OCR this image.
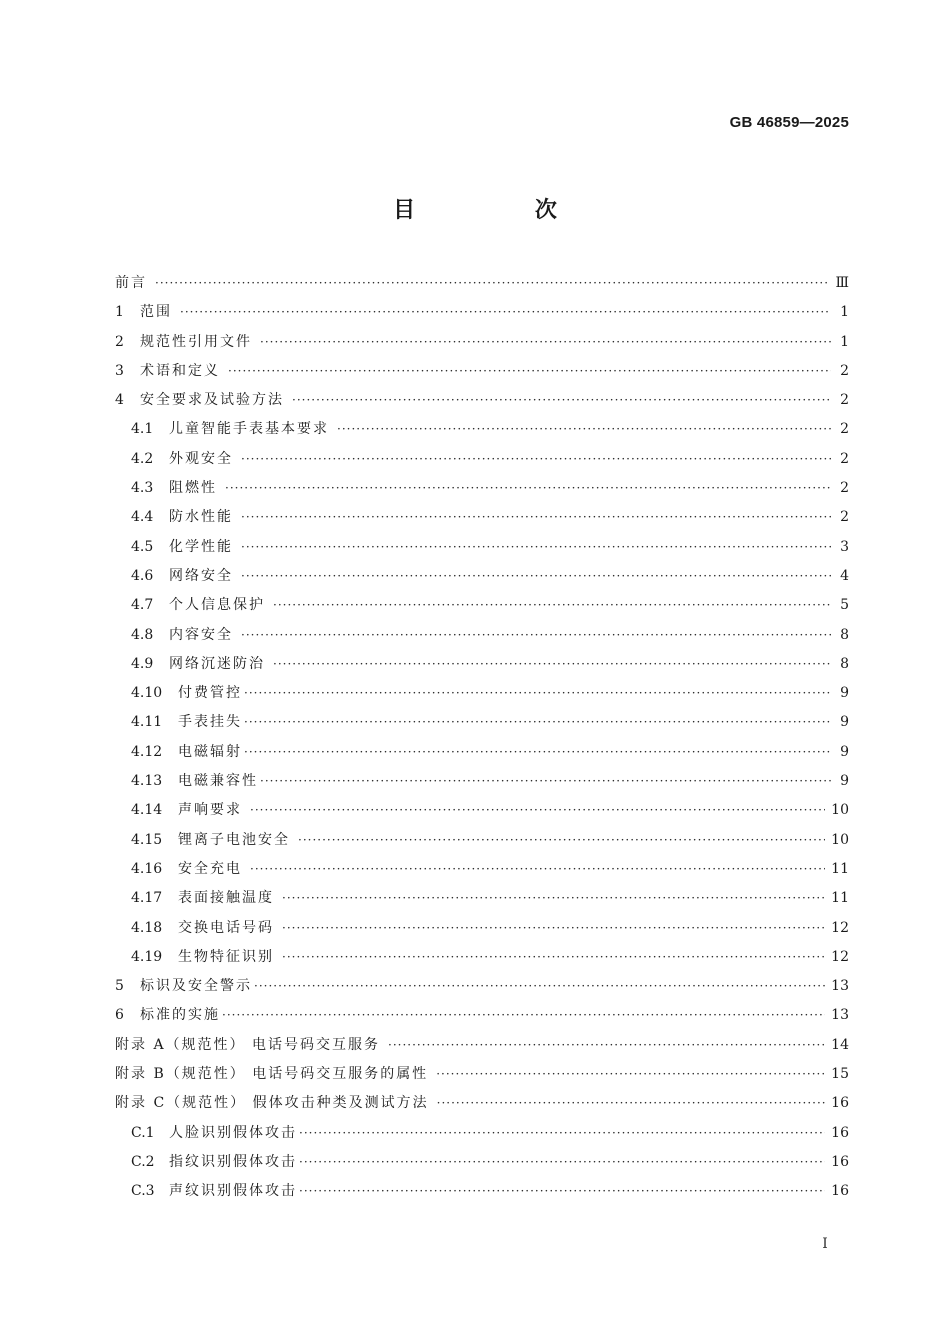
GB 46859—2025
目 次
前言 ·····	Ⅲ
1	范围 ·····	1
2	规范性引用文件 ·····	1
3	术语和定义 ·····	2
4	安全要求及试验方法 ·····	2
4.1	儿童智能手表基本要求 ·····	2
4.2	外观安全 ·····	2
4.3	阻燃性 ·····	2
4.4	防水性能 ·····	2
4.5	化学性能 ·····	3
4.6	网络安全 ·····	4
4.7	个人信息保护 ·····	5
4.8	内容安全 ·····	8
4.9	网络沉迷防治 ·····	8
4.10	付费管控 ·····	9
4.11	手表挂失 ·····	9
4.12	电磁辐射 ·····	9
4.13	电磁兼容性 ·····	9
4.14	声响要求 ·····	10
4.15	锂离子电池安全 ·····	10
4.16	安全充电 ·····	11
4.17	表面接触温度 ·····	11
4.18	交换电话号码 ·····	12
4.19	生物特征识别 ·····	12
5	标识及安全警示 ·····	13
6	标准的实施 ·····	13
附录 A（规范性） 电话号码交互服务 ·····	14
附录 B（规范性） 电话号码交互服务的属性 ·····	15
附录 C（规范性） 假体攻击种类及测试方法 ·····	16
C.1	人脸识别假体攻击 ·····	16
C.2	指纹识别假体攻击 ·····	16
C.3	声纹识别假体攻击 ·····	16
I
